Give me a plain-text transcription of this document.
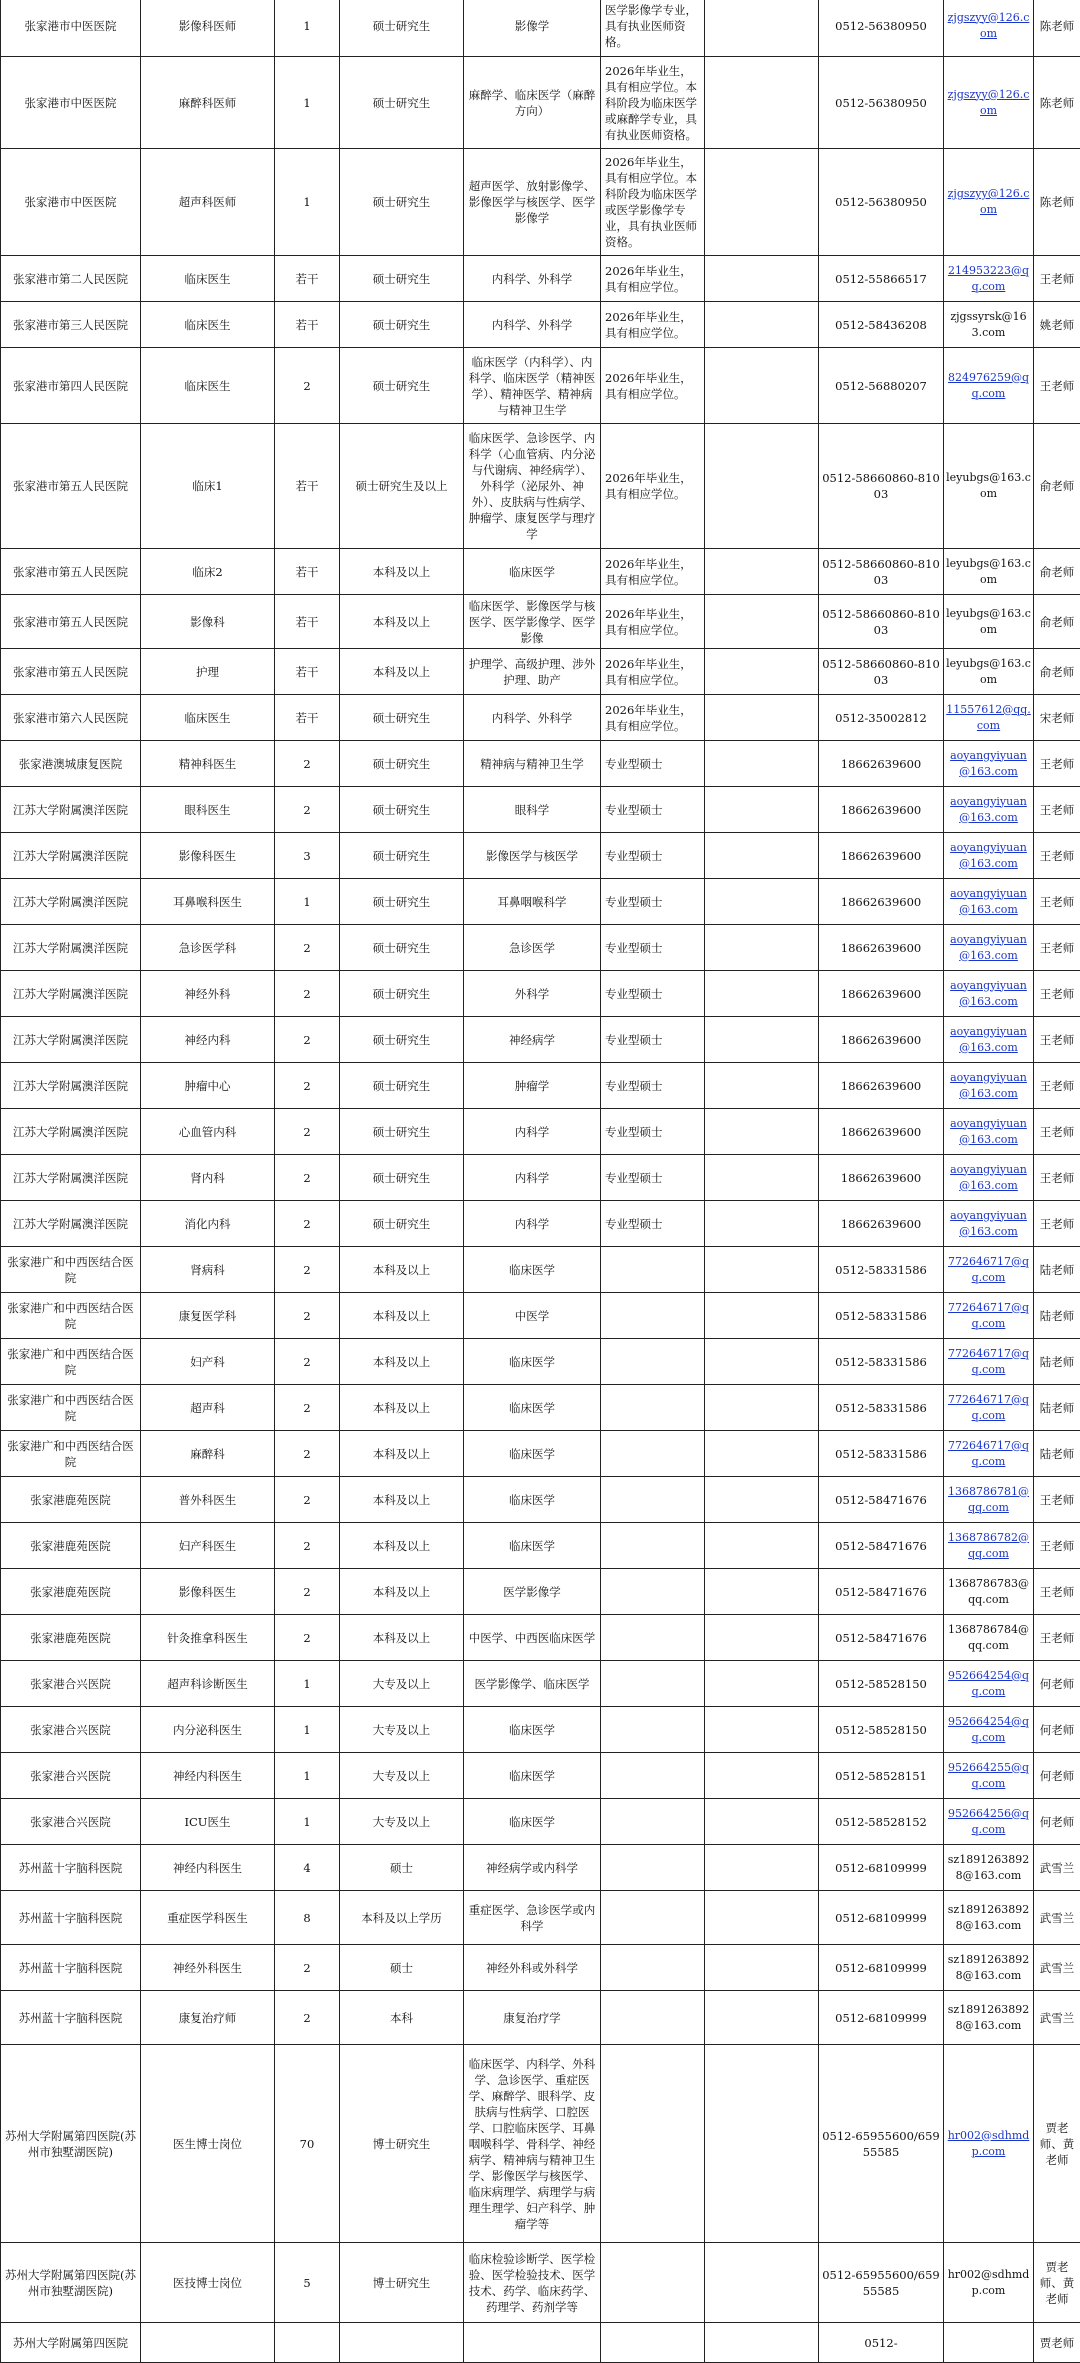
张家港市中医医院	影像科医师	1	硕士研究生	影像学	医学影像学专业，具有执业医师资格。		0512-56380950	zjgszyy@126.com	陈老师
张家港市中医医院	麻醉科医师	1	硕士研究生	麻醉学、临床医学（麻醉方向）	2026年毕业生，具有相应学位。本科阶段为临床医学或麻醉学专业，具有执业医师资格。		0512-56380950	zjgszyy@126.com	陈老师
张家港市中医医院	超声科医师	1	硕士研究生	超声医学、放射影像学、影像医学与核医学、医学影像学	2026年毕业生，具有相应学位。本科阶段为临床医学或医学影像学专业，具有执业医师资格。		0512-56380950	zjgszyy@126.com	陈老师
张家港市第二人民医院	临床医生	若干	硕士研究生	内科学、外科学	2026年毕业生，具有相应学位。		0512-55866517	214953223@qq.com	王老师
张家港市第三人民医院	临床医生	若干	硕士研究生	内科学、外科学	2026年毕业生，具有相应学位。		0512-58436208	zjgssyrsk@163.com	姚老师
张家港市第四人民医院	临床医生	2	硕士研究生	临床医学（内科学）、内科学、临床医学（精神医学）、精神医学、精神病与精神卫生学	2026年毕业生，具有相应学位。		0512-56880207	824976259@qq.com	王老师
张家港市第五人民医院	临床1	若干	硕士研究生及以上	临床医学、急诊医学、内科学（心血管病、内分泌与代谢病、神经病学）、外科学（泌尿外、神外）、皮肤病与性病学、肿瘤学、康复医学与理疗学	2026年毕业生，具有相应学位。		0512-58660860-81003	leyubgs@163.com	俞老师
张家港市第五人民医院	临床2	若干	本科及以上	临床医学	2026年毕业生，具有相应学位。		0512-58660860-81003	leyubgs@163.com	俞老师
张家港市第五人民医院	影像科	若干	本科及以上	临床医学、影像医学与核医学、医学影像学、医学影像	2026年毕业生，具有相应学位。		0512-58660860-81003	leyubgs@163.com	俞老师
张家港市第五人民医院	护理	若干	本科及以上	护理学、高级护理、涉外护理、助产	2026年毕业生，具有相应学位。		0512-58660860-81003	leyubgs@163.com	俞老师
张家港市第六人民医院	临床医生	若干	硕士研究生	内科学、外科学	2026年毕业生，具有相应学位。		0512-35002812	11557612@qq.com	宋老师
张家港澳城康复医院	精神科医生	2	硕士研究生	精神病与精神卫生学	专业型硕士		18662639600	aoyangyiyuan@163.com	王老师
江苏大学附属澳洋医院	眼科医生	2	硕士研究生	眼科学	专业型硕士		18662639600	aoyangyiyuan@163.com	王老师
江苏大学附属澳洋医院	影像科医生	3	硕士研究生	影像医学与核医学	专业型硕士		18662639600	aoyangyiyuan@163.com	王老师
江苏大学附属澳洋医院	耳鼻喉科医生	1	硕士研究生	耳鼻咽喉科学	专业型硕士		18662639600	aoyangyiyuan@163.com	王老师
江苏大学附属澳洋医院	急诊医学科	2	硕士研究生	急诊医学	专业型硕士		18662639600	aoyangyiyuan@163.com	王老师
江苏大学附属澳洋医院	神经外科	2	硕士研究生	外科学	专业型硕士		18662639600	aoyangyiyuan@163.com	王老师
江苏大学附属澳洋医院	神经内科	2	硕士研究生	神经病学	专业型硕士		18662639600	aoyangyiyuan@163.com	王老师
江苏大学附属澳洋医院	肿瘤中心	2	硕士研究生	肿瘤学	专业型硕士		18662639600	aoyangyiyuan@163.com	王老师
江苏大学附属澳洋医院	心血管内科	2	硕士研究生	内科学	专业型硕士		18662639600	aoyangyiyuan@163.com	王老师
江苏大学附属澳洋医院	肾内科	2	硕士研究生	内科学	专业型硕士		18662639600	aoyangyiyuan@163.com	王老师
江苏大学附属澳洋医院	消化内科	2	硕士研究生	内科学	专业型硕士		18662639600	aoyangyiyuan@163.com	王老师
张家港广和中西医结合医院	肾病科	2	本科及以上	临床医学			0512-58331586	772646717@qq.com	陆老师
张家港广和中西医结合医院	康复医学科	2	本科及以上	中医学			0512-58331586	772646717@qq.com	陆老师
张家港广和中西医结合医院	妇产科	2	本科及以上	临床医学			0512-58331586	772646717@qq.com	陆老师
张家港广和中西医结合医院	超声科	2	本科及以上	临床医学			0512-58331586	772646717@qq.com	陆老师
张家港广和中西医结合医院	麻醉科	2	本科及以上	临床医学			0512-58331586	772646717@qq.com	陆老师
张家港鹿苑医院	普外科医生	2	本科及以上	临床医学			0512-58471676	1368786781@qq.com	王老师
张家港鹿苑医院	妇产科医生	2	本科及以上	临床医学			0512-58471676	1368786782@qq.com	王老师
张家港鹿苑医院	影像科医生	2	本科及以上	医学影像学			0512-58471676	1368786783@qq.com	王老师
张家港鹿苑医院	针灸推拿科医生	2	本科及以上	中医学、中西医临床医学			0512-58471676	1368786784@qq.com	王老师
张家港合兴医院	超声科诊断医生	1	大专及以上	医学影像学、临床医学			0512-58528150	952664254@qq.com	何老师
张家港合兴医院	内分泌科医生	1	大专及以上	临床医学			0512-58528150	952664254@qq.com	何老师
张家港合兴医院	神经内科医生	1	大专及以上	临床医学			0512-58528151	952664255@qq.com	何老师
张家港合兴医院	ICU医生	1	大专及以上	临床医学			0512-58528152	952664256@qq.com	何老师
苏州蓝十字脑科医院	神经内科医生	4	硕士	神经病学或内科学			0512-68109999	sz18912638928@163.com	武雪兰
苏州蓝十字脑科医院	重症医学科医生	8	本科及以上学历	重症医学、急诊医学或内科学			0512-68109999	sz18912638928@163.com	武雪兰
苏州蓝十字脑科医院	神经外科医生	2	硕士	神经外科或外科学			0512-68109999	sz18912638928@163.com	武雪兰
苏州蓝十字脑科医院	康复治疗师	2	本科	康复治疗学			0512-68109999	sz18912638928@163.com	武雪兰
苏州大学附属第四医院(苏州市独墅湖医院)	医生博士岗位	70	博士研究生	临床医学、内科学、外科学、急诊医学、重症医学、麻醉学、眼科学、皮肤病与性病学、口腔医学、口腔临床医学、耳鼻咽喉科学、骨科学、神经病学、精神病与精神卫生学、影像医学与核医学、临床病理学、病理学与病理生理学、妇产科学、肿瘤学等			0512-65955600/65955585	hr002@sdhmdp.com	贾老师、黄老师
苏州大学附属第四医院(苏州市独墅湖医院)	医技博士岗位	5	博士研究生	临床检验诊断学、医学检验、医学检验技术、医学技术、药学、临床药学、药理学、药剂学等			0512-65955600/65955585	hr002@sdhmdp.com	贾老师、黄老师
苏州大学附属第四医院							0512-		贾老师
